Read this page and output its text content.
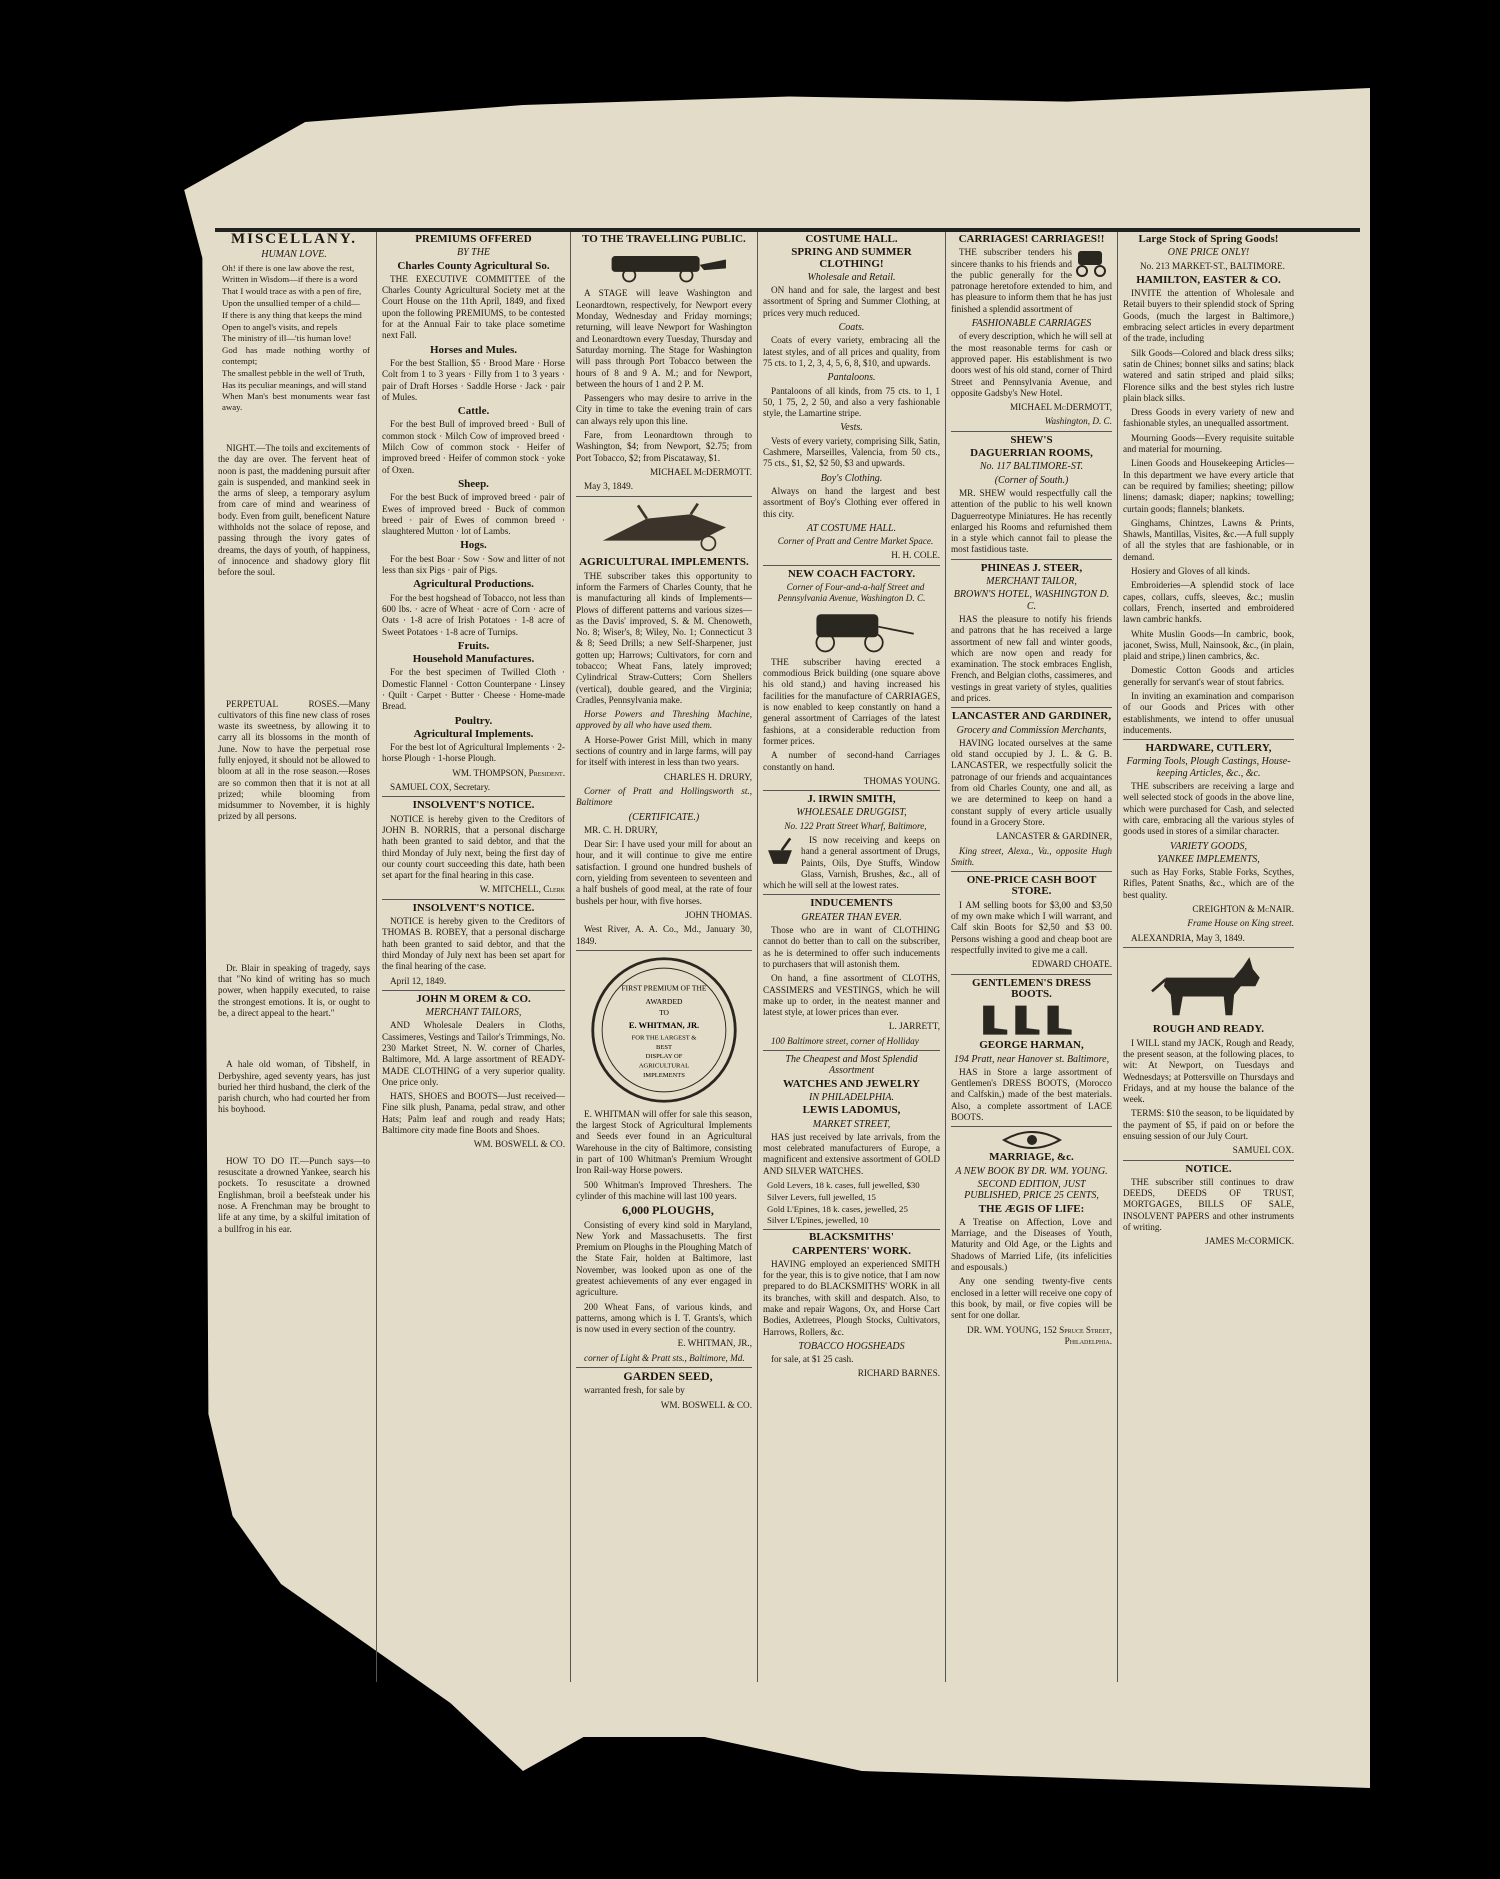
MISCELLANY.
HUMAN LOVE.

Oh! if there is one law above the rest,

Written in Wisdom—if there is a word

That I would trace as with a pen of fire,

Upon the unsullied temper of a child—

If there is any thing that keeps the mind

Open to angel's visits, and repels

The ministry of ill—'tis human love!

God has made nothing worthy of contempt;

The smallest pebble in the well of Truth,

Has its peculiar meanings, and will stand

When Man's best monuments wear fast away.

NIGHT.—The toils and excitements of the day are over. The fervent heat of noon is past, the maddening pursuit after gain is suspended, and mankind seek in the arms of sleep, a temporary asylum from care of mind and weariness of body. Even from guilt, beneficent Nature withholds not the solace of repose, and passing through the ivory gates of dreams, the days of youth, of happiness, of innocence and shadowy glory flit before the soul.

PERPETUAL ROSES.—Many cultivators of this fine new class of roses waste its sweetness, by allowing it to carry all its blossoms in the month of June. Now to have the perpetual rose fully enjoyed, it should not be allowed to bloom at all in the rose season.—Roses are so common then that it is not at all prized; while blooming from midsummer to November, it is highly prized by all persons.

Dr. Blair in speaking of tragedy, says that "No kind of writing has so much power, when happily executed, to raise the strongest emotions. It is, or ought to be, a direct appeal to the heart."

A hale old woman, of Tibshelf, in Derbyshire, aged seventy years, has just buried her third husband, the clerk of the parish church, who had courted her from his boyhood.

HOW TO DO IT.—Punch says—to resuscitate a drowned Yankee, search his pockets. To resuscitate a drowned Englishman, broil a beefsteak under his nose. A Frenchman may be brought to life at any time, by a skilful imitation of a bullfrog in his ear.

PREMIUMS OFFERED
BY THE
Charles County Agricultural So.

THE EXECUTIVE COMMITTEE of the Charles County Agricultural Society met at the Court House on the 11th April, 1849, and fixed upon the following PREMIUMS, to be contested for at the Annual Fair to take place sometime next Fall.

Horses and Mules.

For the best Stallion, $5 · Brood Mare · Horse Colt from 1 to 3 years · Filly from 1 to 3 years · pair of Draft Horses · Saddle Horse · Jack · pair of Mules.

Cattle.

For the best Bull of improved breed · Bull of common stock · Milch Cow of improved breed · Milch Cow of common stock · Heifer of improved breed · Heifer of common stock · yoke of Oxen.

Sheep.

For the best Buck of improved breed · pair of Ewes of improved breed · Buck of common breed · pair of Ewes of common breed · slaughtered Mutton · lot of Lambs.

Hogs.

For the best Boar · Sow · Sow and litter of not less than six Pigs · pair of Pigs.

Agricultural Productions.

For the best hogshead of Tobacco, not less than 600 lbs. · acre of Wheat · acre of Corn · acre of Oats · 1-8 acre of Irish Potatoes · 1-8 acre of Sweet Potatoes · 1-8 acre of Turnips.

Fruits.
Household Manufactures.

For the best specimen of Twilled Cloth · Domestic Flannel · Cotton Counterpane · Linsey · Quilt · Carpet · Butter · Cheese · Home-made Bread.

Poultry.
Agricultural Implements.

For the best lot of Agricultural Implements · 2-horse Plough · 1-horse Plough.

WM. THOMPSON, President.

SAMUEL COX, Secretary.

INSOLVENT'S NOTICE.

NOTICE is hereby given to the Creditors of JOHN B. NORRIS, that a personal discharge hath been granted to said debtor, and that the third Monday of July next, being the first day of our county court succeeding this date, hath been set apart for the final hearing in this case.

W. MITCHELL, Clerk

INSOLVENT'S NOTICE.

NOTICE is hereby given to the Creditors of THOMAS B. ROBEY, that a personal discharge hath been granted to said debtor, and that the third Monday of July next has been set apart for the final hearing of the case.

April 12, 1849.

JOHN M OREM & CO.
MERCHANT TAILORS,

AND Wholesale Dealers in Cloths, Cassimeres, Vestings and Tailor's Trimmings, No. 230 Market Street, N. W. corner of Charles, Baltimore, Md. A large assortment of READY-MADE CLOTHING of a very superior quality. One price only.

HATS, SHOES and BOOTS—Just received— Fine silk plush, Panama, pedal straw, and other Hats; Palm leaf and rough and ready Hats; Baltimore city made fine Boots and Shoes.

WM. BOSWELL & CO.

TO THE TRAVELLING PUBLIC.

A STAGE will leave Washington and Leonardtown, respectively, for Newport every Monday, Wednesday and Friday mornings; returning, will leave Newport for Washington and Leonardtown every Tuesday, Thursday and Saturday morning. The Stage for Washington will pass through Port Tobacco between the hours of 8 and 9 A. M.; and for Newport, between the hours of 1 and 2 P. M.

Passengers who may desire to arrive in the City in time to take the evening train of cars can always rely upon this line.

Fare, from Leonardtown through to Washington, $4; from Newport, $2.75; from Port Tobacco, $2; from Piscataway, $1.

MICHAEL McDERMOTT.

May 3, 1849.

AGRICULTURAL IMPLEMENTS.

THE subscriber takes this opportunity to inform the Farmers of Charles County, that he is manufacturing all kinds of Implements—Plows of different patterns and various sizes—as the Davis' improved, S. & M. Chenoweth, No. 8; Wiser's, 8; Wiley, No. 1; Connecticut 3 & 8; Seed Drills; a new Self-Sharpener, just gotten up; Harrows; Cultivators, for corn and tobacco; Wheat Fans, lately improved; Cylindrical Straw-Cutters; Corn Shellers (vertical), double geared, and the Virginia; Cradles, Pennsylvania make.

Horse Powers and Threshing Machine, approved by all who have used them.

A Horse-Power Grist Mill, which in many sections of country and in large farms, will pay for itself with interest in less than two years.

CHARLES H. DRURY,

Corner of Pratt and Hollingsworth st., Baltimore

(CERTIFICATE.)

MR. C. H. DRURY,

Dear Sir: I have used your mill for about an hour, and it will continue to give me entire satisfaction. I ground one hundred bushels of corn, yielding from seventeen to seventeen and a half bushels of good meal, at the rate of four bushels per hour, with five horses.

JOHN THOMAS.

West River, A. A. Co., Md., January 30, 1849.

FIRST PREMIUM OF THE
AWARDED
TO
E. WHITMAN, JR.
FOR THE LARGEST &
BEST
DISPLAY OF
AGRICULTURAL
IMPLEMENTS

E. WHITMAN will offer for sale this season, the largest Stock of Agricultural Implements and Seeds ever found in an Agricultural Warehouse in the city of Baltimore, consisting in part of 100 Whitman's Premium Wrought Iron Rail-way Horse powers.

500 Whitman's Improved Threshers. The cylinder of this machine will last 100 years.

6,000 PLOUGHS,

Consisting of every kind sold in Maryland, New York and Massachusetts. The first Premium on Ploughs in the Ploughing Match of the State Fair, holden at Baltimore, last November, was looked upon as one of the greatest achievements of any ever engaged in agriculture.

200 Wheat Fans, of various kinds, and patterns, among which is I. T. Grants's, which is now used in every section of the country.

E. WHITMAN, JR.,

corner of Light & Pratt sts., Baltimore, Md.

GARDEN SEED,

warranted fresh, for sale by

WM. BOSWELL & CO.

COSTUME HALL.
SPRING AND SUMMER CLOTHING!
Wholesale and Retail.

ON hand and for sale, the largest and best assortment of Spring and Summer Clothing, at prices very much reduced.

Coats.

Coats of every variety, embracing all the latest styles, and of all prices and quality, from 75 cts. to 1, 2, 3, 4, 5, 6, 8, $10, and upwards.

Pantaloons.

Pantaloons of all kinds, from 75 cts. to 1, 1 50, 1 75, 2, 2 50, and also a very fashionable style, the Lamartine stripe.

Vests.

Vests of every variety, comprising Silk, Satin, Cashmere, Marseilles, Valencia, from 50 cts., 75 cts., $1, $2, $2 50, $3 and upwards.

Boy's Clothing.

Always on hand the largest and best assortment of Boy's Clothing ever offered in this city.

AT COSTUME HALL.

Corner of Pratt and Centre Market Space.

H. H. COLE.

NEW COACH FACTORY.

Corner of Four-and-a-half Street and Pennsylvania Avenue, Washington D. C.

THE subscriber having erected a commodious Brick building (one square above his old stand,) and having increased his facilities for the manufacture of CARRIAGES, is now enabled to keep constantly on hand a general assortment of Carriages of the latest fashions, at a considerable reduction from former prices.

A number of second-hand Carriages constantly on hand.

THOMAS YOUNG.

J. IRWIN SMITH,
WHOLESALE DRUGGIST,

No. 122 Pratt Street Wharf, Baltimore,

IS now receiving and keeps on hand a general assortment of Drugs, Paints, Oils, Dye Stuffs, Window Glass, Varnish, Brushes, &c., all of which he will sell at the lowest rates.

INDUCEMENTS
GREATER THAN EVER.

Those who are in want of CLOTHING cannot do better than to call on the subscriber, as he is determined to offer such inducements to purchasers that will astonish them.

On hand, a fine assortment of CLOTHS, CASSIMERS and VESTINGS, which he will make up to order, in the neatest manner and latest style, at lower prices than ever.

L. JARRETT,

100 Baltimore street, corner of Holliday

The Cheapest and Most Splendid Assortment
WATCHES AND JEWELRY
IN PHILADELPHIA.
LEWIS LADOMUS,
MARKET STREET,

HAS just received by late arrivals, from the most celebrated manufacturers of Europe, a magnificent and extensive assortment of GOLD AND SILVER WATCHES.

Gold Levers, 18 k. cases, full jewelled, $30

Silver Levers, full jewelled, 15

Gold L'Epines, 18 k. cases, jewelled, 25

Silver L'Epines, jewelled, 10

BLACKSMITHS'
CARPENTERS' WORK.

HAVING employed an experienced SMITH for the year, this is to give notice, that I am now prepared to do BLACKSMITHS' WORK in all its branches, with skill and despatch. Also, to make and repair Wagons, Ox, and Horse Cart Bodies, Axletrees, Plough Stocks, Cultivators, Harrows, Rollers, &c.

TOBACCO HOGSHEADS

for sale, at $1 25 cash.

RICHARD BARNES.

CARRIAGES! CARRIAGES!!

THE subscriber tenders his sincere thanks to his friends and the public generally for the patronage heretofore extended to him, and has pleasure to inform them that he has just finished a splendid assortment of

FASHIONABLE CARRIAGES

of every description, which he will sell at the most reasonable terms for cash or approved paper. His establishment is two doors west of his old stand, corner of Third Street and Pennsylvania Avenue, and opposite Gadsby's New Hotel.

MICHAEL McDERMOTT,

Washington, D. C.

SHEW'S
DAGUERRIAN ROOMS,
No. 117 BALTIMORE-ST.
(Corner of South.)

MR. SHEW would respectfully call the attention of the public to his well known Daguerreotype Miniatures. He has recently enlarged his Rooms and refurnished them in a style which cannot fail to please the most fastidious taste.

PHINEAS J. STEER,
MERCHANT TAILOR,
BROWN'S HOTEL, WASHINGTON D. C.

HAS the pleasure to notify his friends and patrons that he has received a large assortment of new fall and winter goods, which are now open and ready for examination. The stock embraces English, French, and Belgian cloths, cassimeres, and vestings in great variety of styles, qualities and prices.

LANCASTER AND GARDINER,
Grocery and Commission Merchants,

HAVING located ourselves at the same old stand occupied by J. L. & G. B. LANCASTER, we respectfully solicit the patronage of our friends and acquaintances from old Charles County, one and all, as we are determined to keep on hand a constant supply of every article usually found in a Grocery Store.

LANCASTER & GARDINER,

King street, Alexa., Va., opposite Hugh Smith.

ONE-PRICE CASH BOOT STORE.

I AM selling boots for $3,00 and $3,50 of my own make which I will warrant, and Calf skin Boots for $2,50 and $3 00. Persons wishing a good and cheap boot are respectfully invited to give me a call.

EDWARD CHOATE.

GENTLEMEN'S DRESS BOOTS.
GEORGE HARMAN,
194 Pratt, near Hanover st. Baltimore,

HAS in Store a large assortment of Gentlemen's DRESS BOOTS, (Morocco and Calfskin,) made of the best materials. Also, a complete assortment of LACE BOOTS.

MARRIAGE, &c.
A NEW BOOK BY DR. WM. YOUNG.
SECOND EDITION, JUST PUBLISHED, PRICE 25 CENTS,
THE ÆGIS OF LIFE:

A Treatise on Affection, Love and Marriage, and the Diseases of Youth, Maturity and Old Age, or the Lights and Shadows of Married Life, (its infelicities and espousals.)

Any one sending twenty-five cents enclosed in a letter will receive one copy of this book, by mail, or five copies will be sent for one dollar.

DR. WM. YOUNG, 152 Spruce Street, Philadelphia.

Large Stock of Spring Goods!
ONE PRICE ONLY!

No. 213 MARKET-ST., BALTIMORE.

HAMILTON, EASTER & CO.

INVITE the attention of Wholesale and Retail buyers to their splendid stock of Spring Goods, (much the largest in Baltimore,) embracing select articles in every department of the trade, including

Silk Goods—Colored and black dress silks; satin de Chines; bonnet silks and satins; black watered and satin striped and plaid silks; Florence silks and the best styles rich lustre plain black silks.

Dress Goods in every variety of new and fashionable styles, an unequalled assortment.

Mourning Goods—Every requisite suitable and material for mourning.

Linen Goods and Housekeeping Articles—In this department we have every article that can be required by families; sheeting; pillow linens; damask; diaper; napkins; towelling; curtain goods; flannels; blankets.

Ginghams, Chintzes, Lawns & Prints, Shawls, Mantillas, Visites, &c.—A full supply of all the styles that are fashionable, or in demand.

Hosiery and Gloves of all kinds.

Embroideries—A splendid stock of lace capes, collars, cuffs, sleeves, &c.; muslin collars, French, inserted and embroidered lawn cambric hankfs.

White Muslin Goods—In cambric, book, jaconet, Swiss, Mull, Nainsook, &c., (in plain, plaid and stripe,) linen cambrics, &c.

Domestic Cotton Goods and articles generally for servant's wear of stout fabrics.

In inviting an examination and comparison of our Goods and Prices with other establishments, we intend to offer unusual inducements.

HARDWARE, CUTLERY,
Farming Tools, Plough Castings, House-keeping Articles, &c., &c.

THE subscribers are receiving a large and well selected stock of goods in the above line, which were purchased for Cash, and selected with care, embracing all the various styles of goods used in stores of a similar character.

VARIETY GOODS,
YANKEE IMPLEMENTS,

such as Hay Forks, Stable Forks, Scythes, Rifles, Patent Snaths, &c., which are of the best quality.

CREIGHTON & McNAIR.

Frame House on King street.

ALEXANDRIA, May 3, 1849.

ROUGH AND READY.

I WILL stand my JACK, Rough and Ready, the present season, at the following places, to wit: At Newport, on Tuesdays and Wednesdays; at Pottersville on Thursdays and Fridays, and at my house the balance of the week.

TERMS: $10 the season, to be liquidated by the payment of $5, if paid on or before the ensuing session of our July Court.

SAMUEL COX.

NOTICE.

THE subscriber still continues to draw DEEDS, DEEDS OF TRUST, MORTGAGES, BILLS OF SALE, INSOLVENT PAPERS and other instruments of writing.

JAMES McCORMICK.
